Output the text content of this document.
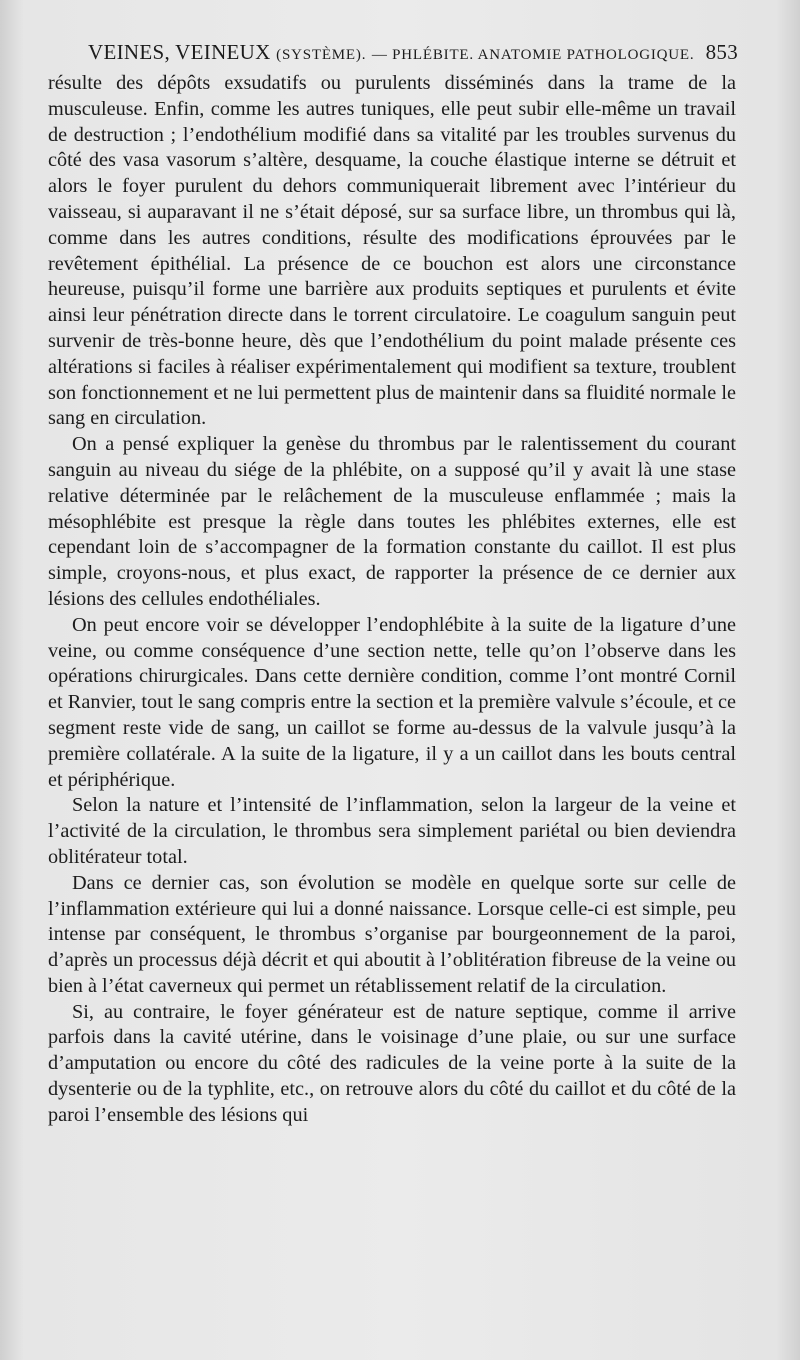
VEINES, VEINEUX (SYSTÈME). — PHLÉBITE. ANATOMIE PATHOLOGIQUE. 853

résulte des dépôts exsudatifs ou purulents disséminés dans la trame de la musculeuse. Enfin, comme les autres tuniques, elle peut subir elle-même un travail de destruction ; l’endothélium modifié dans sa vitalité par les troubles survenus du côté des vasa vasorum s’altère, desquame, la couche élastique interne se détruit et alors le foyer purulent du dehors communiquerait librement avec l’intérieur du vaisseau, si auparavant il ne s’était déposé, sur sa surface libre, un thrombus qui là, comme dans les autres conditions, résulte des modifications éprouvées par le revêtement épithélial. La présence de ce bouchon est alors une circonstance heureuse, puisqu’il forme une barrière aux produits septiques et purulents et évite ainsi leur pénétration directe dans le torrent circulatoire. Le coagulum sanguin peut survenir de très-bonne heure, dès que l’endothélium du point malade présente ces altérations si faciles à réaliser expérimentalement qui modifient sa texture, troublent son fonctionnement et ne lui permettent plus de maintenir dans sa fluidité normale le sang en circulation.

On a pensé expliquer la genèse du thrombus par le ralentissement du courant sanguin au niveau du siége de la phlébite, on a supposé qu’il y avait là une stase relative déterminée par le relâchement de la musculeuse enflammée ; mais la mésophlébite est presque la règle dans toutes les phlébites externes, elle est cependant loin de s’accompagner de la formation constante du caillot. Il est plus simple, croyons-nous, et plus exact, de rapporter la présence de ce dernier aux lésions des cellules endothéliales.

On peut encore voir se développer l’endophlébite à la suite de la ligature d’une veine, ou comme conséquence d’une section nette, telle qu’on l’observe dans les opérations chirurgicales. Dans cette dernière condition, comme l’ont montré Cornil et Ranvier, tout le sang compris entre la section et la première valvule s’écoule, et ce segment reste vide de sang, un caillot se forme au-dessus de la valvule jusqu’à la première collatérale. A la suite de la ligature, il y a un caillot dans les bouts central et périphérique.

Selon la nature et l’intensité de l’inflammation, selon la largeur de la veine et l’activité de la circulation, le thrombus sera simplement pariétal ou bien deviendra oblitérateur total.

Dans ce dernier cas, son évolution se modèle en quelque sorte sur celle de l’inflammation extérieure qui lui a donné naissance. Lorsque celle-ci est simple, peu intense par conséquent, le thrombus s’organise par bourgeonnement de la paroi, d’après un processus déjà décrit et qui aboutit à l’oblitération fibreuse de la veine ou bien à l’état caverneux qui permet un rétablissement relatif de la circulation.

Si, au contraire, le foyer générateur est de nature septique, comme il arrive parfois dans la cavité utérine, dans le voisinage d’une plaie, ou sur une surface d’amputation ou encore du côté des radicules de la veine porte à la suite de la dysenterie ou de la typhlite, etc., on retrouve alors du côté du caillot et du côté de la paroi l’ensemble des lésions qui
